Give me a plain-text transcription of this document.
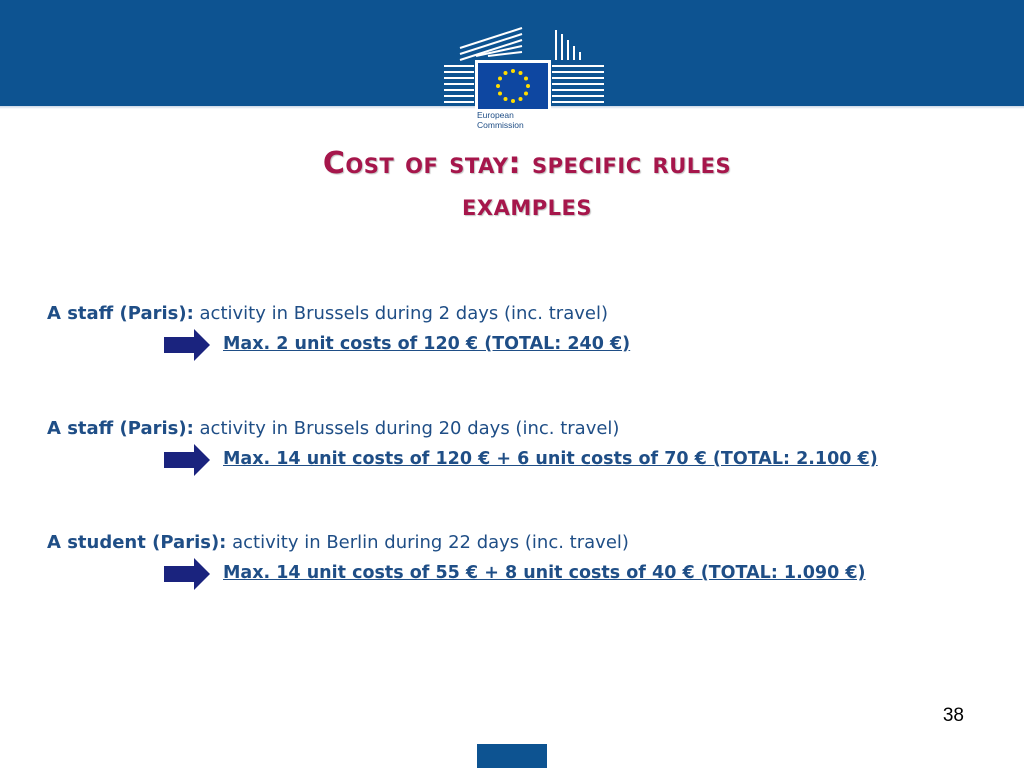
European
Commission
Cost of stay: specific rules
examples
A staff (Paris): activity in Brussels during 2 days (inc. travel)
Max. 2 unit costs of 120 € (TOTAL: 240 €)
A staff (Paris): activity in Brussels during 20 days (inc. travel)
Max. 14 unit costs of 120 € + 6 unit costs of 70 € (TOTAL: 2.100 €)
A student (Paris): activity in Berlin during 22 days (inc. travel)
Max. 14 unit costs of 55 € + 8 unit costs of 40 € (TOTAL: 1.090 €)
38
